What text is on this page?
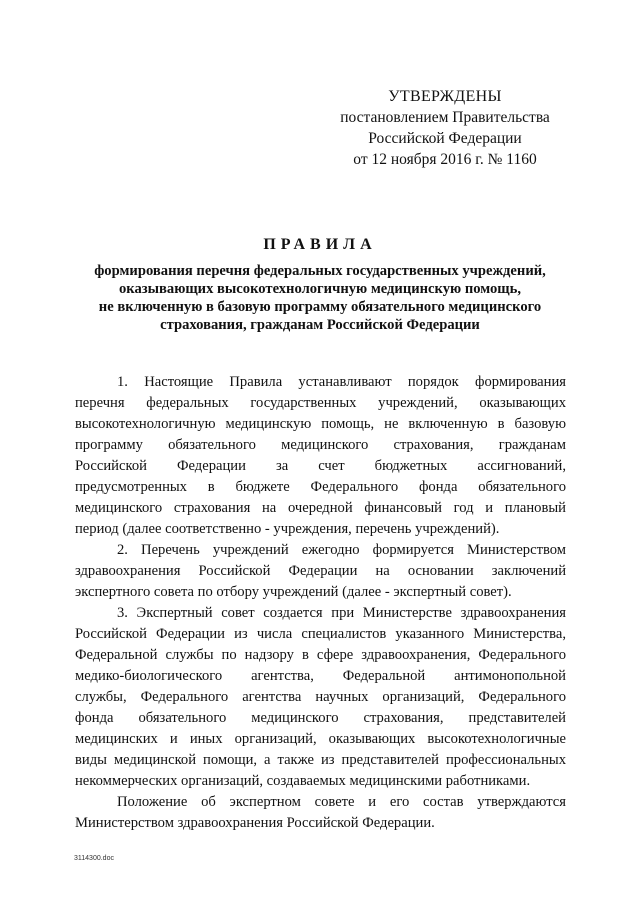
УТВЕРЖДЕНЫ
постановлением Правительства
Российской Федерации
от 12 ноября 2016 г. № 1160
ПРАВИЛА
формирования перечня федеральных государственных учреждений,
оказывающих высокотехнологичную медицинскую помощь,
не включенную в базовую программу обязательного медицинского
страхования, гражданам Российской Федерации
1. Настоящие Правила устанавливают порядок формирования
перечня федеральных государственных учреждений, оказывающих
высокотехнологичную медицинскую помощь, не включенную в базовую
программу обязательного медицинского страхования, гражданам
Российской Федерации за счет бюджетных ассигнований,
предусмотренных в бюджете Федерального фонда обязательного
медицинского страхования на очередной финансовый год и плановый
период (далее соответственно - учреждения, перечень учреждений).
2. Перечень учреждений ежегодно формируется Министерством
здравоохранения Российской Федерации на основании заключений
экспертного совета по отбору учреждений (далее - экспертный совет).
3. Экспертный совет создается при Министерстве здравоохранения
Российской Федерации из числа специалистов указанного Министерства,
Федеральной службы по надзору в сфере здравоохранения, Федерального
медико-биологического агентства, Федеральной антимонопольной
службы, Федерального агентства научных организаций, Федерального
фонда обязательного медицинского страхования, представителей
медицинских и иных организаций, оказывающих высокотехнологичные
виды медицинской помощи, а также из представителей профессиональных
некоммерческих организаций, создаваемых медицинскими работниками.
Положение об экспертном совете и его состав утверждаются
Министерством здравоохранения Российской Федерации.
3114300.doc
